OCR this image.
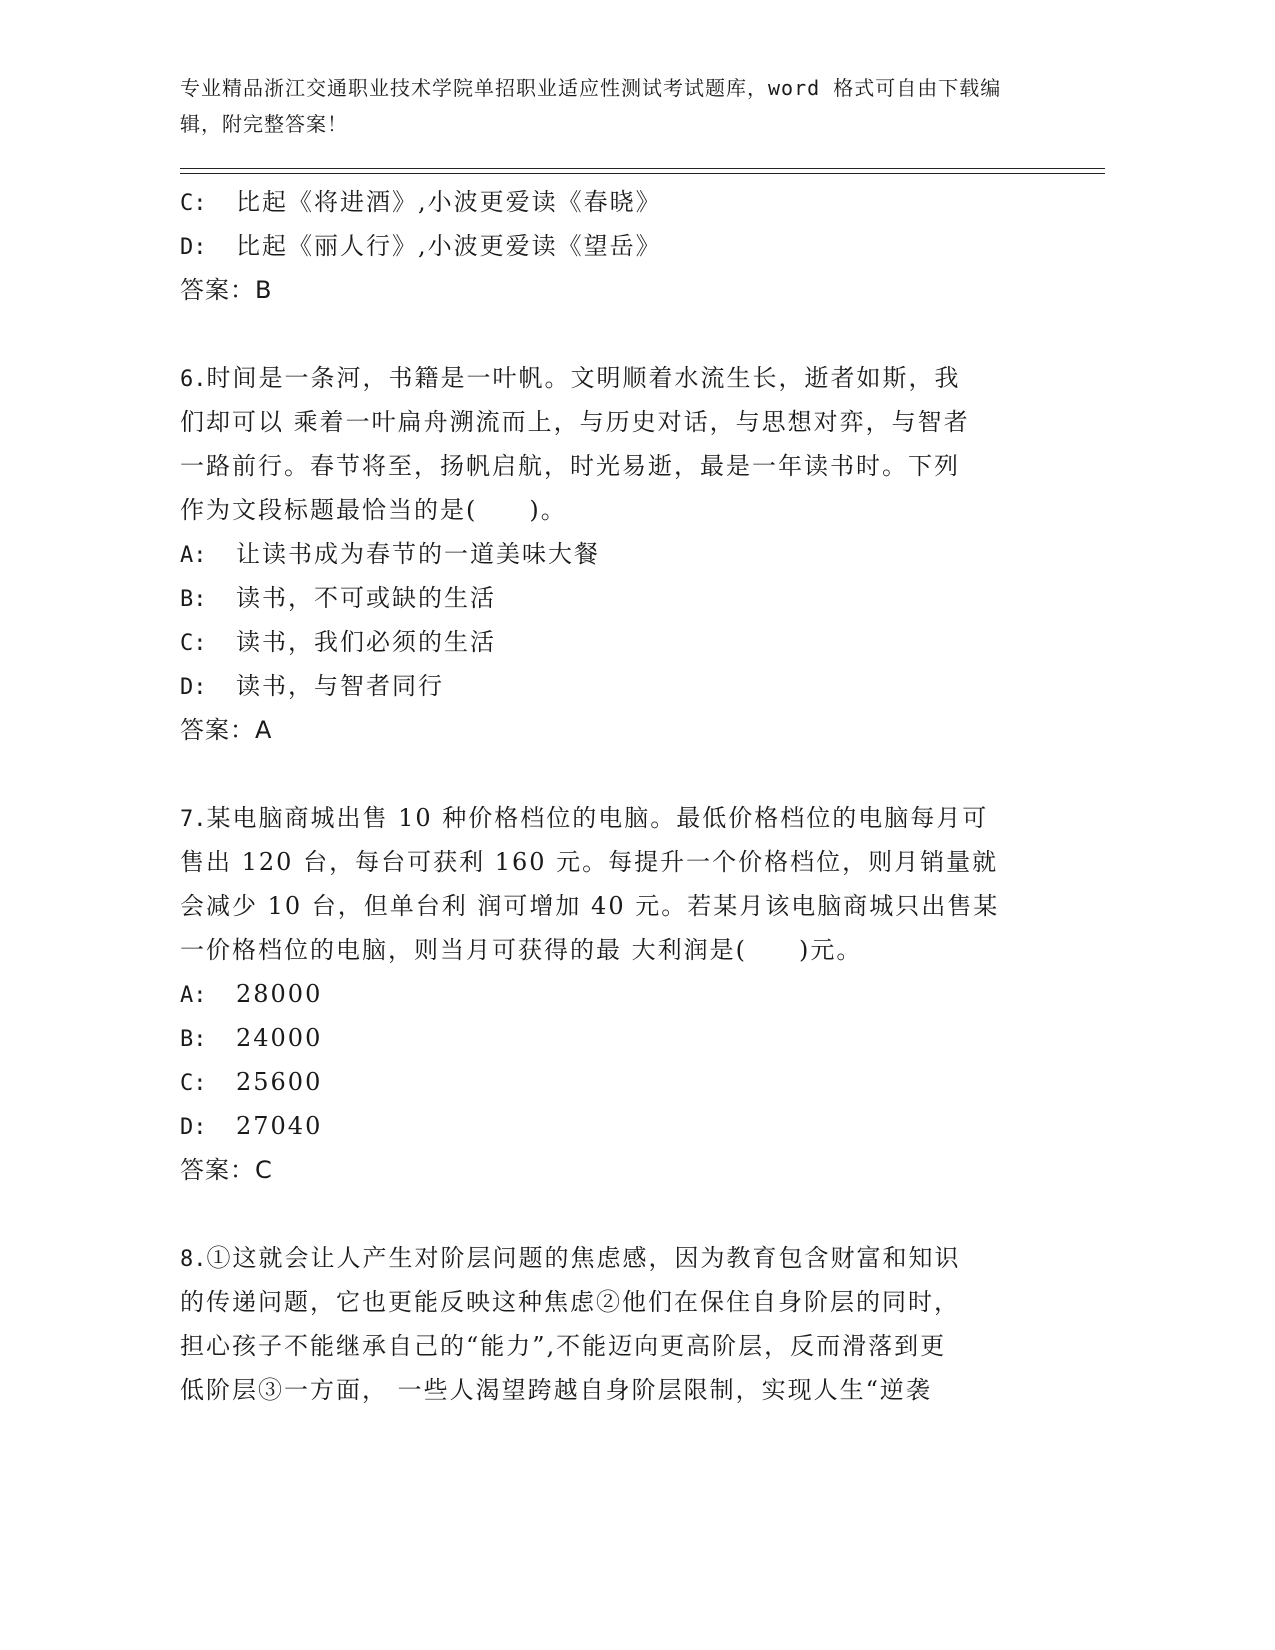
专业精品浙江交通职业技术学院单招职业适应性测试考试题库，word 格式可自由下载编辑，附完整答案！
C: 比起《将进酒》,小波更爱读《春晓》
D: 比起《丽人行》,小波更爱读《望岳》
答案：B
6.时间是一条河，书籍是一叶帆。文明顺着水流生长，逝者如斯，我
们却可以 乘着一叶扁舟溯流而上，与历史对话，与思想对弈，与智者
一路前行。春节将至，扬帆启航，时光易逝，最是一年读书时。下列
作为文段标题最恰当的是(　　)。
A: 让读书成为春节的一道美味大餐
B: 读书，不可或缺的生活
C: 读书，我们必须的生活
D: 读书，与智者同行
答案：A
7.某电脑商城出售 10 种价格档位的电脑。最低价格档位的电脑每月可
售出 120 台，每台可获利 160 元。每提升一个价格档位，则月销量就
会减少 10 台，但单台利 润可增加 40 元。若某月该电脑商城只出售某
一价格档位的电脑，则当月可获得的最 大利润是(　　)元。
A: 28000
B: 24000
C: 25600
D: 27040
答案：C
8.①这就会让人产生对阶层问题的焦虑感，因为教育包含财富和知识
的传递问题，它也更能反映这种焦虑②他们在保住自身阶层的同时，
担心孩子不能继承自己的“能力”,不能迈向更高阶层，反而滑落到更
低阶层③一方面， 一些人渴望跨越自身阶层限制，实现人生“逆袭
